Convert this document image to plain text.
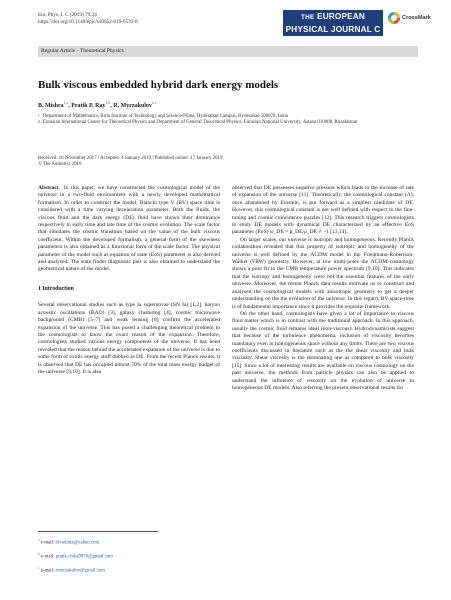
Eur. Phys. J. C (2019) 79:34
https://doi.org/10.1140/epjc/s10052-019-6533-8
THE EUROPEAN
PHYSICAL JOURNAL C
CrossMark
Regular Article - Theoretical Physics
Bulk viscous embedded hybrid dark energy models
B. Mishra$^{1,a}$, Pratik P. Ray$^{1,b}$, R. Myrzakulov$^{2,c}$

1 Department of Mathematics, Birla Institute of Technology and Science-Pilani, Hyderabad Campus, Hyderabad 500078, India

2 Eurasian International Center for Theoretical Physics and Department of General Theoretical Physics, Eurasian National University, Astana 010008, Kazakhstan

Received: 16 November 2017 / Accepted: 4 January 2019 / Published online: 17 January 2019
© The Author(s) 2019

Abstract In this paper, we have constructed the cosmological model of the universe in a two-fluid environment with a newly developed mathematical formalism. In order to construct the model, Bianchi type V (BV) space time is considered with a time varying deceleration parameter. Both the fluids, the viscous fluid and the dark energy (DE) fluid have shown their dominance respectively in early time and late time of the cosmic evolution. The scale factor that simulates the cosmic transition based on the value of the bulk viscous coefficient. Within the developed formalism, a general form of the skewness parameters is also obtained as a functional form of the scale factor. The physical parameter of the model such as equation of state (EoS) parameter is also derived and analysed. The state finder diagnostic pair is also obtained to understand the geometrical nature of the model.

1 Introduction

Several observational studies such as type Ia supernovae (SN Ia) [1,2], baryon acoustic oscillations (BAO) [3], galaxy clustering [4], cosmic microwave background (CMB) [5–7] and weak lensing [8] confirm the accelerated expansion of the universe. This has posed a challenging theoretical problem to the cosmologists to know the exact reason of the expansion. Therefore, cosmologists studied various energy components of the universe. It has been revealed that the reason behind the accelerated expansion of the universe is due to some form of exotic energy stuff dubbed as DE. From the recent Planck results, it is observed that DE has occupied almost 70% of the total mass energy budget of the universe [9,10]. It is also

observed that DE possesses negative pressure which leads to the increase of rate of expansion of the universe [11]. Theoretically, the cosmological constant (Λ), once abandoned by Einstein, is put forward as a simplest candidate of DE. However, this cosmological constant is not well defined with respect to the fine-tuning and cosmic coincidence puzzles [12]. This research triggers cosmologists to study DE models with dynamical DE characterized by an effective EoS parameter (EoS) ω_DE = p_DE/ρ_DE ≠ −1 [13,14].

On larger scales, our universe is isotropic and homogeneous. Recently Planck collaboration revealed that this property of isotropic and homogeneity of the universe is well defined by the ΛCDM model in the Friedmann-Robertson-Walker (FRW) geometry. However, at low multi-poles the ΛCDM cosmology shows a poor fit to the CMB temperature power spectrum [9,10]. This indicates that the isotropy and homogeneity were not the essential features of the early universe. Moreover, the recent Planck data results motivate us to construct and analysed the cosmological models with anisotropic geometry to get a deeper understanding on the the evolution of the universe. In this regard, BV space-time is of fundamental importance since it provides the requisite framework.

On the other hand, cosmologists have given a lot of importance to viscous fluid matter which is in contrast with the traditional approach. In this approach, usually the cosmic fluid remains ideal (non-viscous). Hydrodynamicists suggest that because of the turbulence phenomena, inclusion of viscosity becomes mandatory even in homogeneous space without any limits. There are two viscous coefficients discussed in literature such as the the shear viscosity and bulk viscosity. Shear viscosity is the dominating one as compared to bulk viscosity [15]. Since a lot of interesting results are available on viscous cosmology on the past universe, the methods from particle physics can also be applied to understand the influence of viscosity on the evolution of universe in homogeneous DE models. Also referring the present observational results for

$^a$ e-mail: bivudutta@yahoo.com
$^b$ e-mail: pratik.chika9876@gmail.com
$^c$ e-mail: rmyrzakulov@gmail.com
